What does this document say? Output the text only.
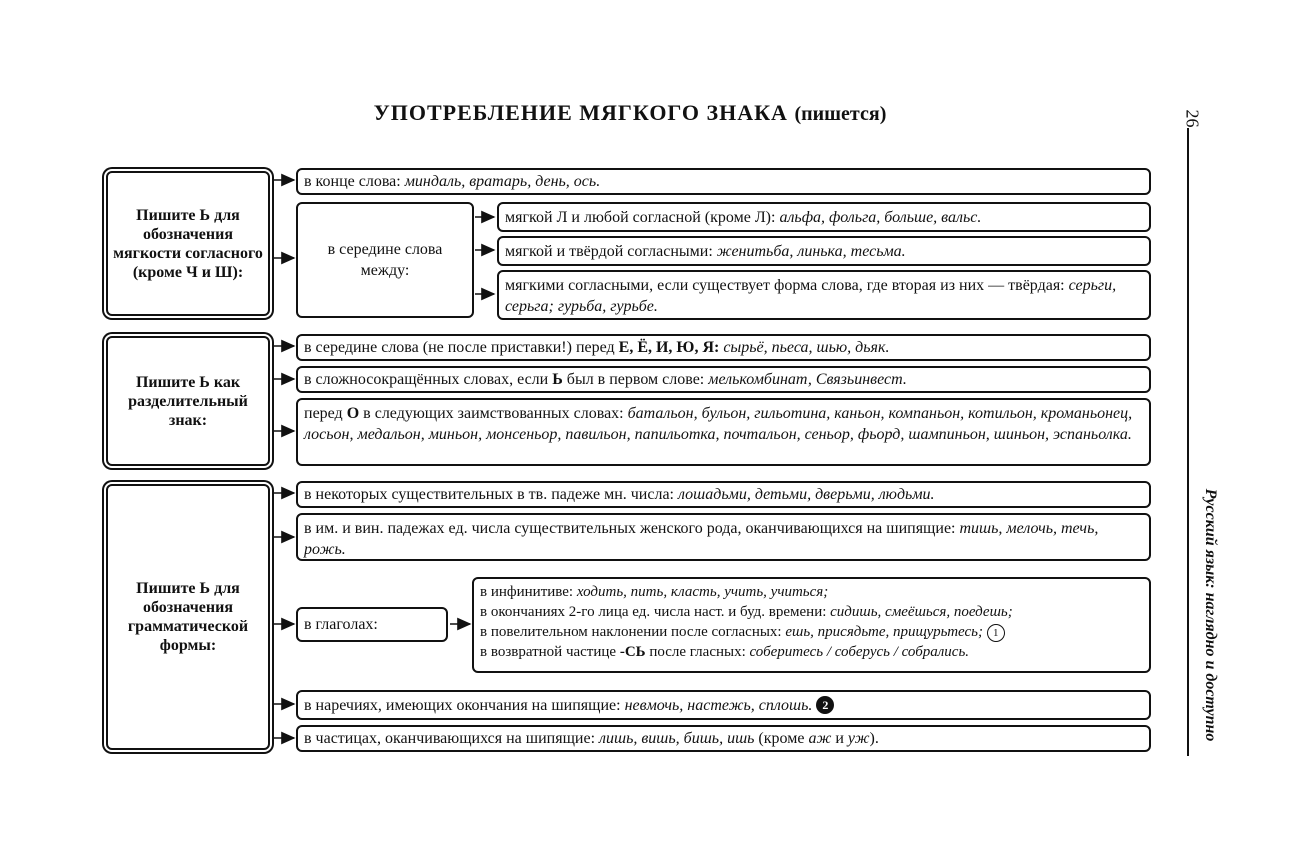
УПОТРЕБЛЕНИЕ МЯГКОГО ЗНАКА (пишется)	26
Русский язык: наглядно и доступно
Пишите Ь для обозначения мягкости согласного (кроме Ч и Ш):
в конце слова:
миндаль, вратарь, день, ось.
в середине слова между:
мягкой Л и любой согласной (кроме Л):
альфа, фольга, больше, вальс.
мягкой и твёрдой согласными:
женитьба, линька, тесьма.
мягкими согласными, если существует форма слова, где вторая из них — твёрдая: серьги, серьга; гурьба, гурьбе.
Пишите Ь как разделительный знак:
в середине слова (не после приставки!) перед
Е, Ё, И, Ю, Я:
сырьё, пьеса, шью, дьяк.
в сложносокращённых словах, если
Ь
был в первом слове:
мелькомбинат, Связьинвест.
перед О в следующих заимствованных словах: батальон, бульон, гильотина, каньон, компаньон, котильон, кроманьонец, лосьон, медальон, миньон, монсеньор, павильон, папильотка, почтальон, сеньор, фьорд, шампиньон, шиньон, эспаньолка.
Пишите Ь для обозначения грамматической формы:
в некоторых существительных в тв. падеже мн. числа:
лошадьми, детьми, дверьми, людьми.
в им. и вин. падежах ед. числа существительных женского рода, оканчивающихся на шипящие: тишь, мелочь, течь, рожь.
в глаголах:
в инфинитиве: ходить, пить, класть, учить, учиться;
в окончаниях 2-го лица ед. числа наст. и буд. времени: сидишь, смеёшься, поедешь;
в повелительном наклонении после согласных: ешь, присядьте, прищурьтесь; 1
в возвратной частице -СЬ после гласных: соберитесь / соберусь / собрались.
в наречиях, имеющих окончания на шипящие:
невмочь, настежь, сплошь.
2
в частицах, оканчивающихся на шипящие:
лишь, вишь, бишь, ишь
(кроме
аж
и
уж ).
